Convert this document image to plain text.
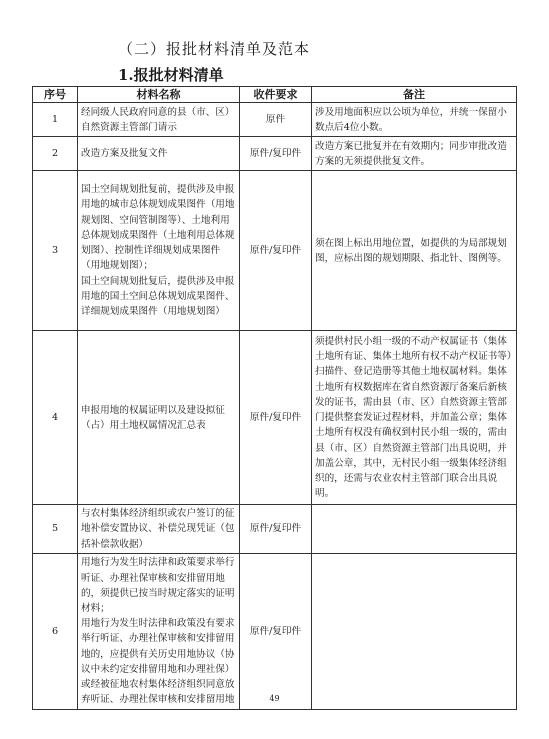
（二）报批材料清单及范本
1.报批材料清单
序号	材料名称	收件要求	备注
1	经同级人民政府同意的县（市、区）自然资源主管部门请示	原件	涉及用地面积应以公顷为单位，并统一保留小数点后4位小数。
2	改造方案及批复文件	原件/复印件	改造方案已批复并在有效期内；同步审批改造方案的无须提供批复文件。
3	国土空间规划批复前，提供涉及申报用地的城市总体规划成果图件（用地规划图、空间管制图等）、土地利用总体规划成果图件（土地利用总体规划图）、控制性详细规划成果图件（用地规划图）；
国土空间规划批复后，提供涉及申报用地的国土空间总体规划成果图件、详细规划成果图件（用地规划图）	原件/复印件	须在图上标出用地位置，如提供的为局部规划图，应标出图的规划期限、指北针、图例等。
4	申报用地的权属证明以及建设拟征（占）用土地权属情况汇总表	原件/复印件	须提供村民小组一级的不动产权属证书（集体土地所有证、集体土地所有权不动产权证书等）扫描件、登记造册等其他土地权属材料。集体土地所有权数据库在省自然资源厅备案后新核发的证书，需由县（市、区）自然资源主管部门提供整套发证过程材料，并加盖公章；集体土地所有权没有确权到村民小组一级的，需由县（市、区）自然资源主管部门出具说明，并加盖公章，其中，无村民小组一级集体经济组织的，还需与农业农村主管部门联合出具说明。
5	与农村集体经济组织或农户签订的征地补偿安置协议、补偿兑现凭证（包括补偿款收据）	原件/复印件	
6	用地行为发生时法律和政策要求举行听证、办理社保审核和安排留用地的，须提供已按当时规定落实的证明材料；
用地行为发生时法律和政策没有要求举行听证、办理社保审核和安排留用地的，应提供有关历史用地协议（协议中未约定安排留用地和办理社保）或经被征地农村集体经济组织同意放弃听证、办理社保审核和安排留用地	原件/复印件	
49
